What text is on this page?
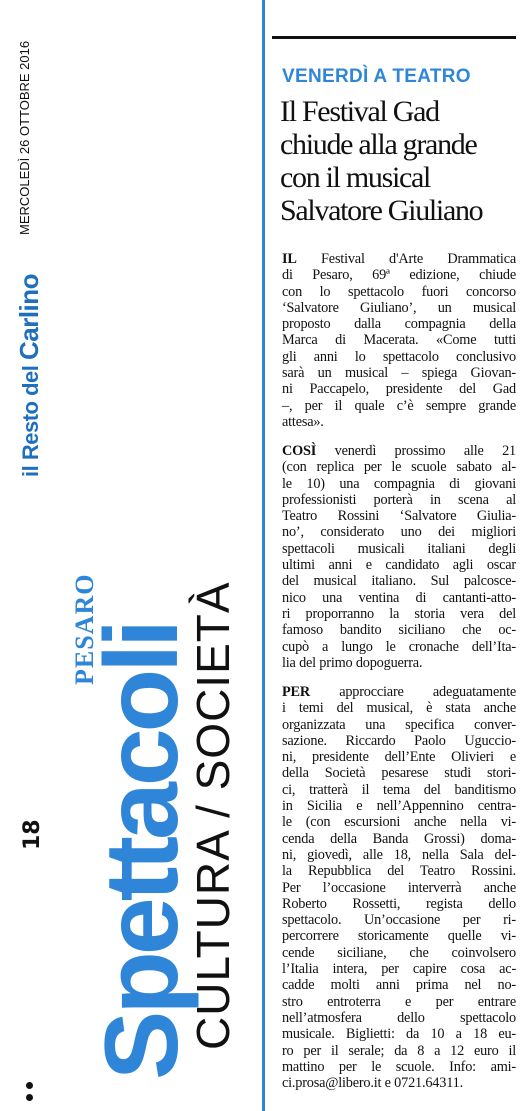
18
il Resto del Carlino
MERCOLEDÌ 26 OTTOBRE 2016
Spettacoli
CULTURA / SOCIETÀ
PESARO
VENERDÌ A TEATRO
Il Festival Gad
chiude alla grande
con il musical
Salvatore Giuliano
IL Festival d'Arte Drammatica
di Pesaro, 69ª edizione, chiude
con lo spettacolo fuori concorso
‘Salvatore Giuliano’, un musical
proposto dalla compagnia della
Marca di Macerata. «Come tutti
gli anni lo spettacolo conclusivo
sarà un musical – spiega Giovan-
ni Paccapelo, presidente del Gad
–, per il quale c’è sempre grande
attesa».
COSÌ venerdì prossimo alle 21
(con replica per le scuole sabato al-
le 10) una compagnia di giovani
professionisti porterà in scena al
Teatro Rossini ‘Salvatore Giulia-
no’, considerato uno dei migliori
spettacoli musicali italiani degli
ultimi anni e candidato agli oscar
del musical italiano. Sul palcosce-
nico una ventina di cantanti-atto-
ri proporranno la storia vera del
famoso bandito siciliano che oc-
cupò a lungo le cronache dell’Ita-
lia del primo dopoguerra.
PER approcciare adeguatamente
i temi del musical, è stata anche
organizzata una specifica conver-
sazione. Riccardo Paolo Uguccio-
ni, presidente dell’Ente Olivieri e
della Società pesarese studi stori-
ci, tratterà il tema del banditismo
in Sicilia e nell’Appennino centra-
le (con escursioni anche nella vi-
cenda della Banda Grossi) doma-
ni, giovedì, alle 18, nella Sala del-
la Repubblica del Teatro Rossini.
Per l’occasione interverrà anche
Roberto Rossetti, regista dello
spettacolo. Un’occasione per ri-
percorrere storicamente quelle vi-
cende siciliane, che coinvolsero
l’Italia intera, per capire cosa ac-
cadde molti anni prima nel no-
stro entroterra e per entrare
nell’atmosfera dello spettacolo
musicale. Biglietti: da 10 a 18 eu-
ro per il serale; da 8 a 12 euro il
mattino per le scuole. Info: ami-
ci.prosa@libero.it e 0721.64311.
